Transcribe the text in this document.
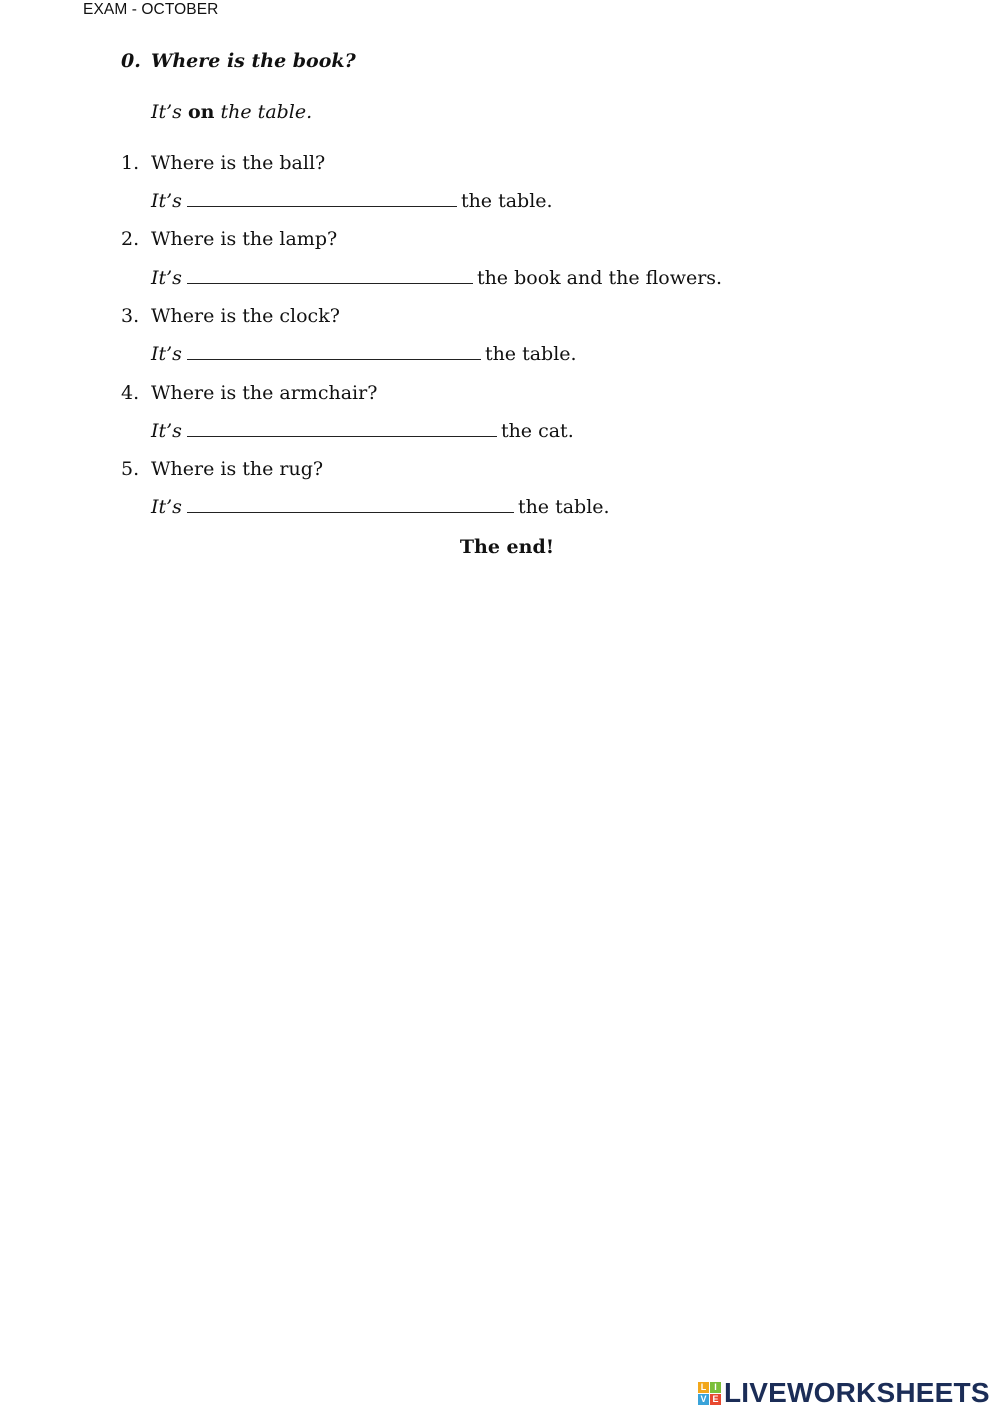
EXAM - OCTOBER
0. Where is the book?
It’s on the table.
1. Where is the ball?
It’s	the table.
2. Where is the lamp?
It’s	the book and the flowers.
3. Where is the clock?
It’s	the table.
4. Where is the armchair?
It’s	the cat.
5. Where is the rug?
It’s	the table.
The end!
L I
V E LIVEWORKSHEETS
